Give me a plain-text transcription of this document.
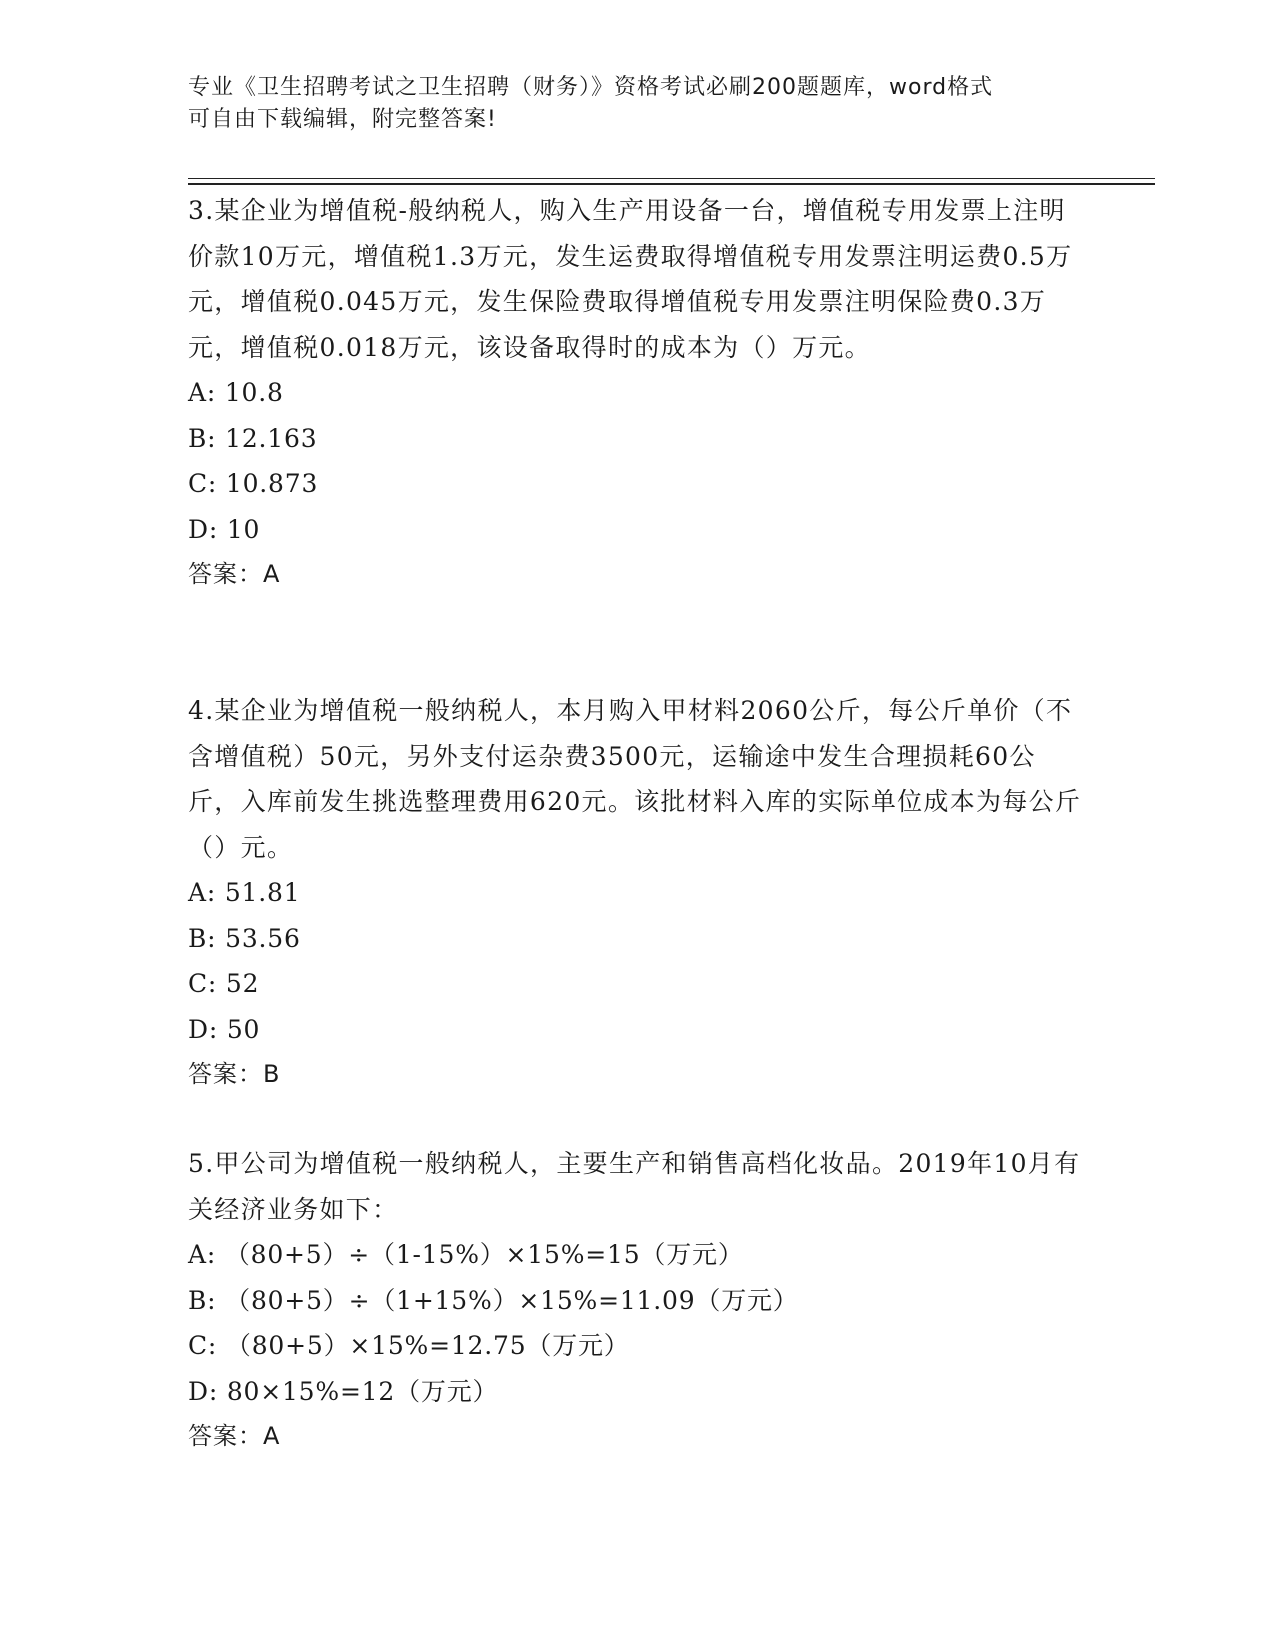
专业《卫生招聘考试之卫生招聘（财务）》资格考试必刷200题题库，word格式
可自由下载编辑，附完整答案!

3.某企业为增值税-般纳税人，购入生产用设备一台，增值税专用发票上注明价款10万元，增值税1.3万元，发生运费取得增值税专用发票注明运费0.5万元，增值税0.045万元，发生保险费取得增值税专用发票注明保险费0.3万元，增值税0.018万元，该设备取得时的成本为（）万元。

A: 10.8

B: 12.163

C: 10.873

D: 10

答案：A

4.某企业为增值税一般纳税人，本月购入甲材料2060公斤，每公斤单价（不含增值税）50元，另外支付运杂费3500元，运输途中发生合理损耗60公斤，入库前发生挑选整理费用620元。该批材料入库的实际单位成本为每公斤（）元。

A: 51.81

B: 53.56

C: 52

D: 50

答案：B

5.甲公司为增值税一般纳税人，主要生产和销售高档化妆品。2019年10月有关经济业务如下：

A: （80+5）÷（1-15%）×15%=15（万元）

B: （80+5）÷（1+15%）×15%=11.09（万元）

C: （80+5）×15%=12.75（万元）

D: 80×15%=12（万元）

答案：A
